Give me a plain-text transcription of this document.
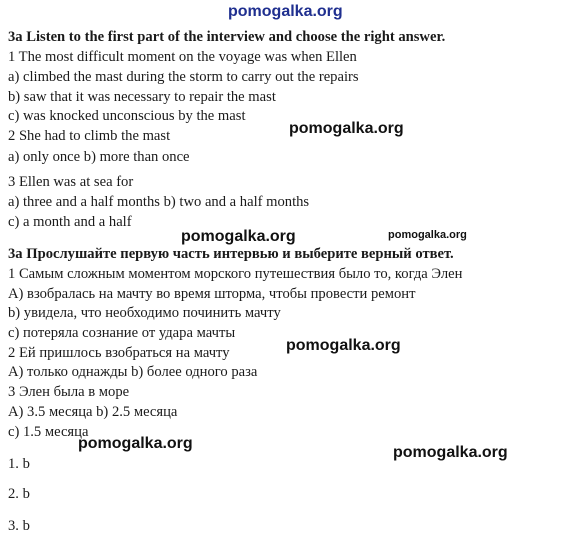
pomogalka.org
3a Listen to the first part of the interview and choose the right answer.
1 The most difficult moment on the voyage was when Ellen
a) climbed the mast during the storm to carry out the repairs
b) saw that it was necessary to repair the mast
c) was knocked unconscious by the mast
2 She had to climb the mast
a) only once b) more than once
3 Ellen was at sea for
a) three and a half months b) two and a half months
c) a month and a half
3a Прослушайте первую часть интервью и выберите верный ответ.
1 Самым сложным моментом морского путешествия было то, когда Элен
А) взобралась на мачту во время шторма, чтобы провести ремонт
b) увидела, что необходимо починить мачту
с) потеряла сознание от удара мачты
2 Ей пришлось взобраться на мачту
А) только однажды b) более одного раза
3 Элен была в море
А) 3.5 месяца b) 2.5 месяца
с) 1.5 месяца
1. b
2. b
3. b
pomogalka.org
pomogalka.org	pomogalka.org
pomogalka.org
pomogalka.org
pomogalka.org
